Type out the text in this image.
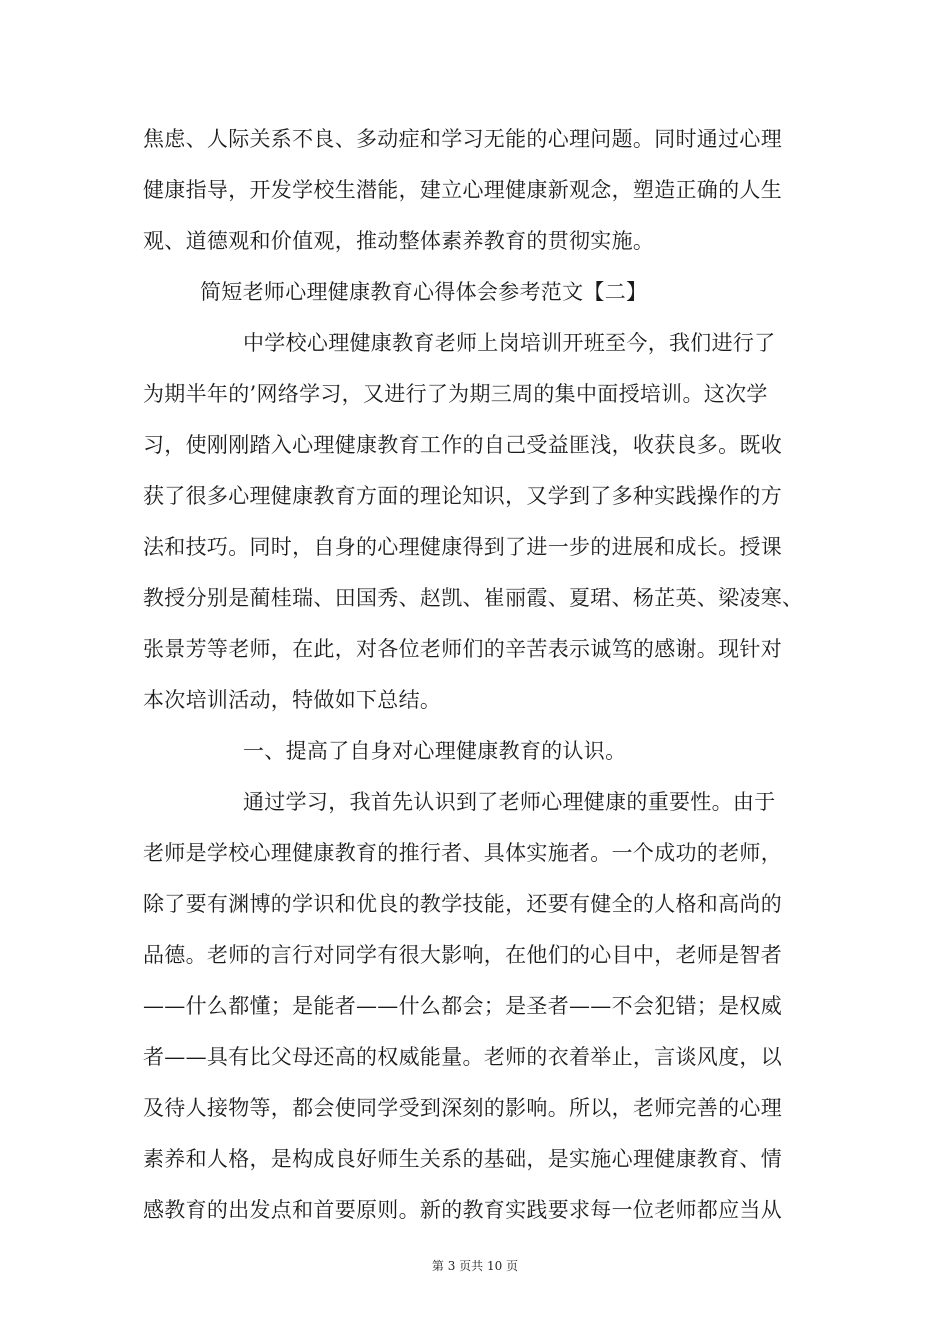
焦虑、人际关系不良、多动症和学习无能的心理问题。同时通过心理
健康指导，开发学校生潜能，建立心理健康新观念，塑造正确的人生
观、道德观和价值观，推动整体素养教育的贯彻实施。
简短老师心理健康教育心得体会参考范文【二】
中学校心理健康教育老师上岗培训开班至今，我们进行了
为期半年的’网络学习，又进行了为期三周的集中面授培训。这次学
习，使刚刚踏入心理健康教育工作的自己受益匪浅，收获良多。既收
获了很多心理健康教育方面的理论知识，又学到了多种实践操作的方
法和技巧。同时，自身的心理健康得到了进一步的进展和成长。授课
教授分别是蔺桂瑞、田国秀、赵凯、崔丽霞、夏珺、杨芷英、梁凌寒、
张景芳等老师，在此，对各位老师们的辛苦表示诚笃的感谢。现针对
本次培训活动，特做如下总结。
一、提高了自身对心理健康教育的认识。
通过学习，我首先认识到了老师心理健康的重要性。由于
老师是学校心理健康教育的推行者、具体实施者。一个成功的老师，
除了要有渊博的学识和优良的教学技能，还要有健全的人格和高尚的
品德。老师的言行对同学有很大影响，在他们的心目中，老师是智者
——什么都懂；是能者——什么都会；是圣者——不会犯错；是权威
者——具有比父母还高的权威能量。老师的衣着举止，言谈风度，以
及待人接物等，都会使同学受到深刻的影响。所以，老师完善的心理
素养和人格，是构成良好师生关系的基础，是实施心理健康教育、情
感教育的出发点和首要原则。新的教育实践要求每一位老师都应当从
第 3 页共 10 页
